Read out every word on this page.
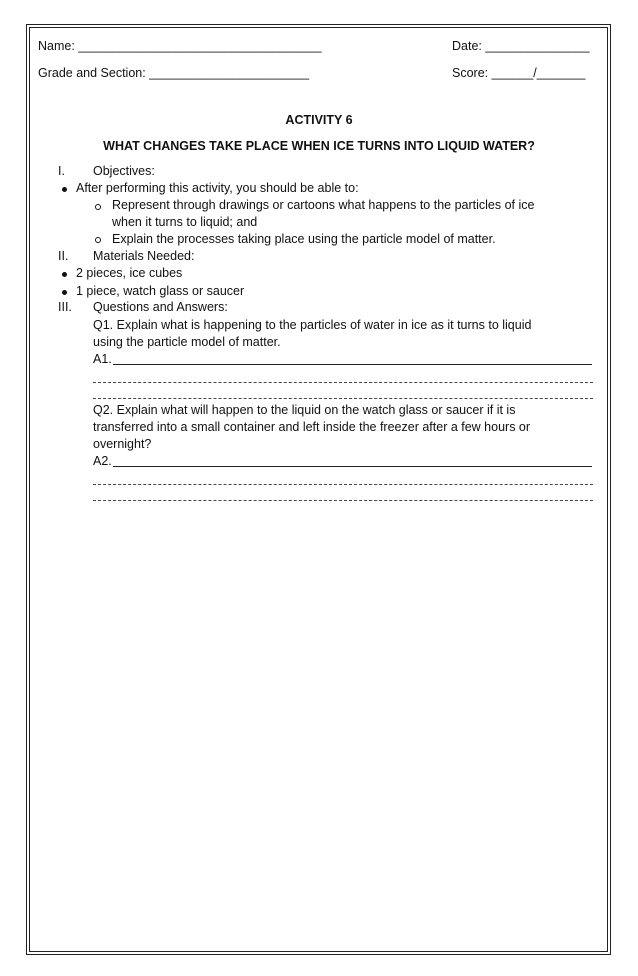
Name: ___________________________________	Date: _______________
Grade and Section: _______________________	Score: ______/_______
ACTIVITY 6
WHAT CHANGES TAKE PLACE WHEN ICE TURNS INTO LIQUID WATER?
I. Objectives:
After performing this activity, you should be able to:
Represent through drawings or cartoons what happens to the particles of ice
when it turns to liquid; and
Explain the processes taking place using the particle model of matter.
II. Materials Needed:
2 pieces, ice cubes
1 piece, watch glass or saucer
III. Questions and Answers:
Q1. Explain what is happening to the particles of water in ice as it turns to liquid
using the particle model of matter.
A1.
Q2. Explain what will happen to the liquid on the watch glass or saucer if it is
transferred into a small container and left inside the freezer after a few hours or
overnight?
A2.
